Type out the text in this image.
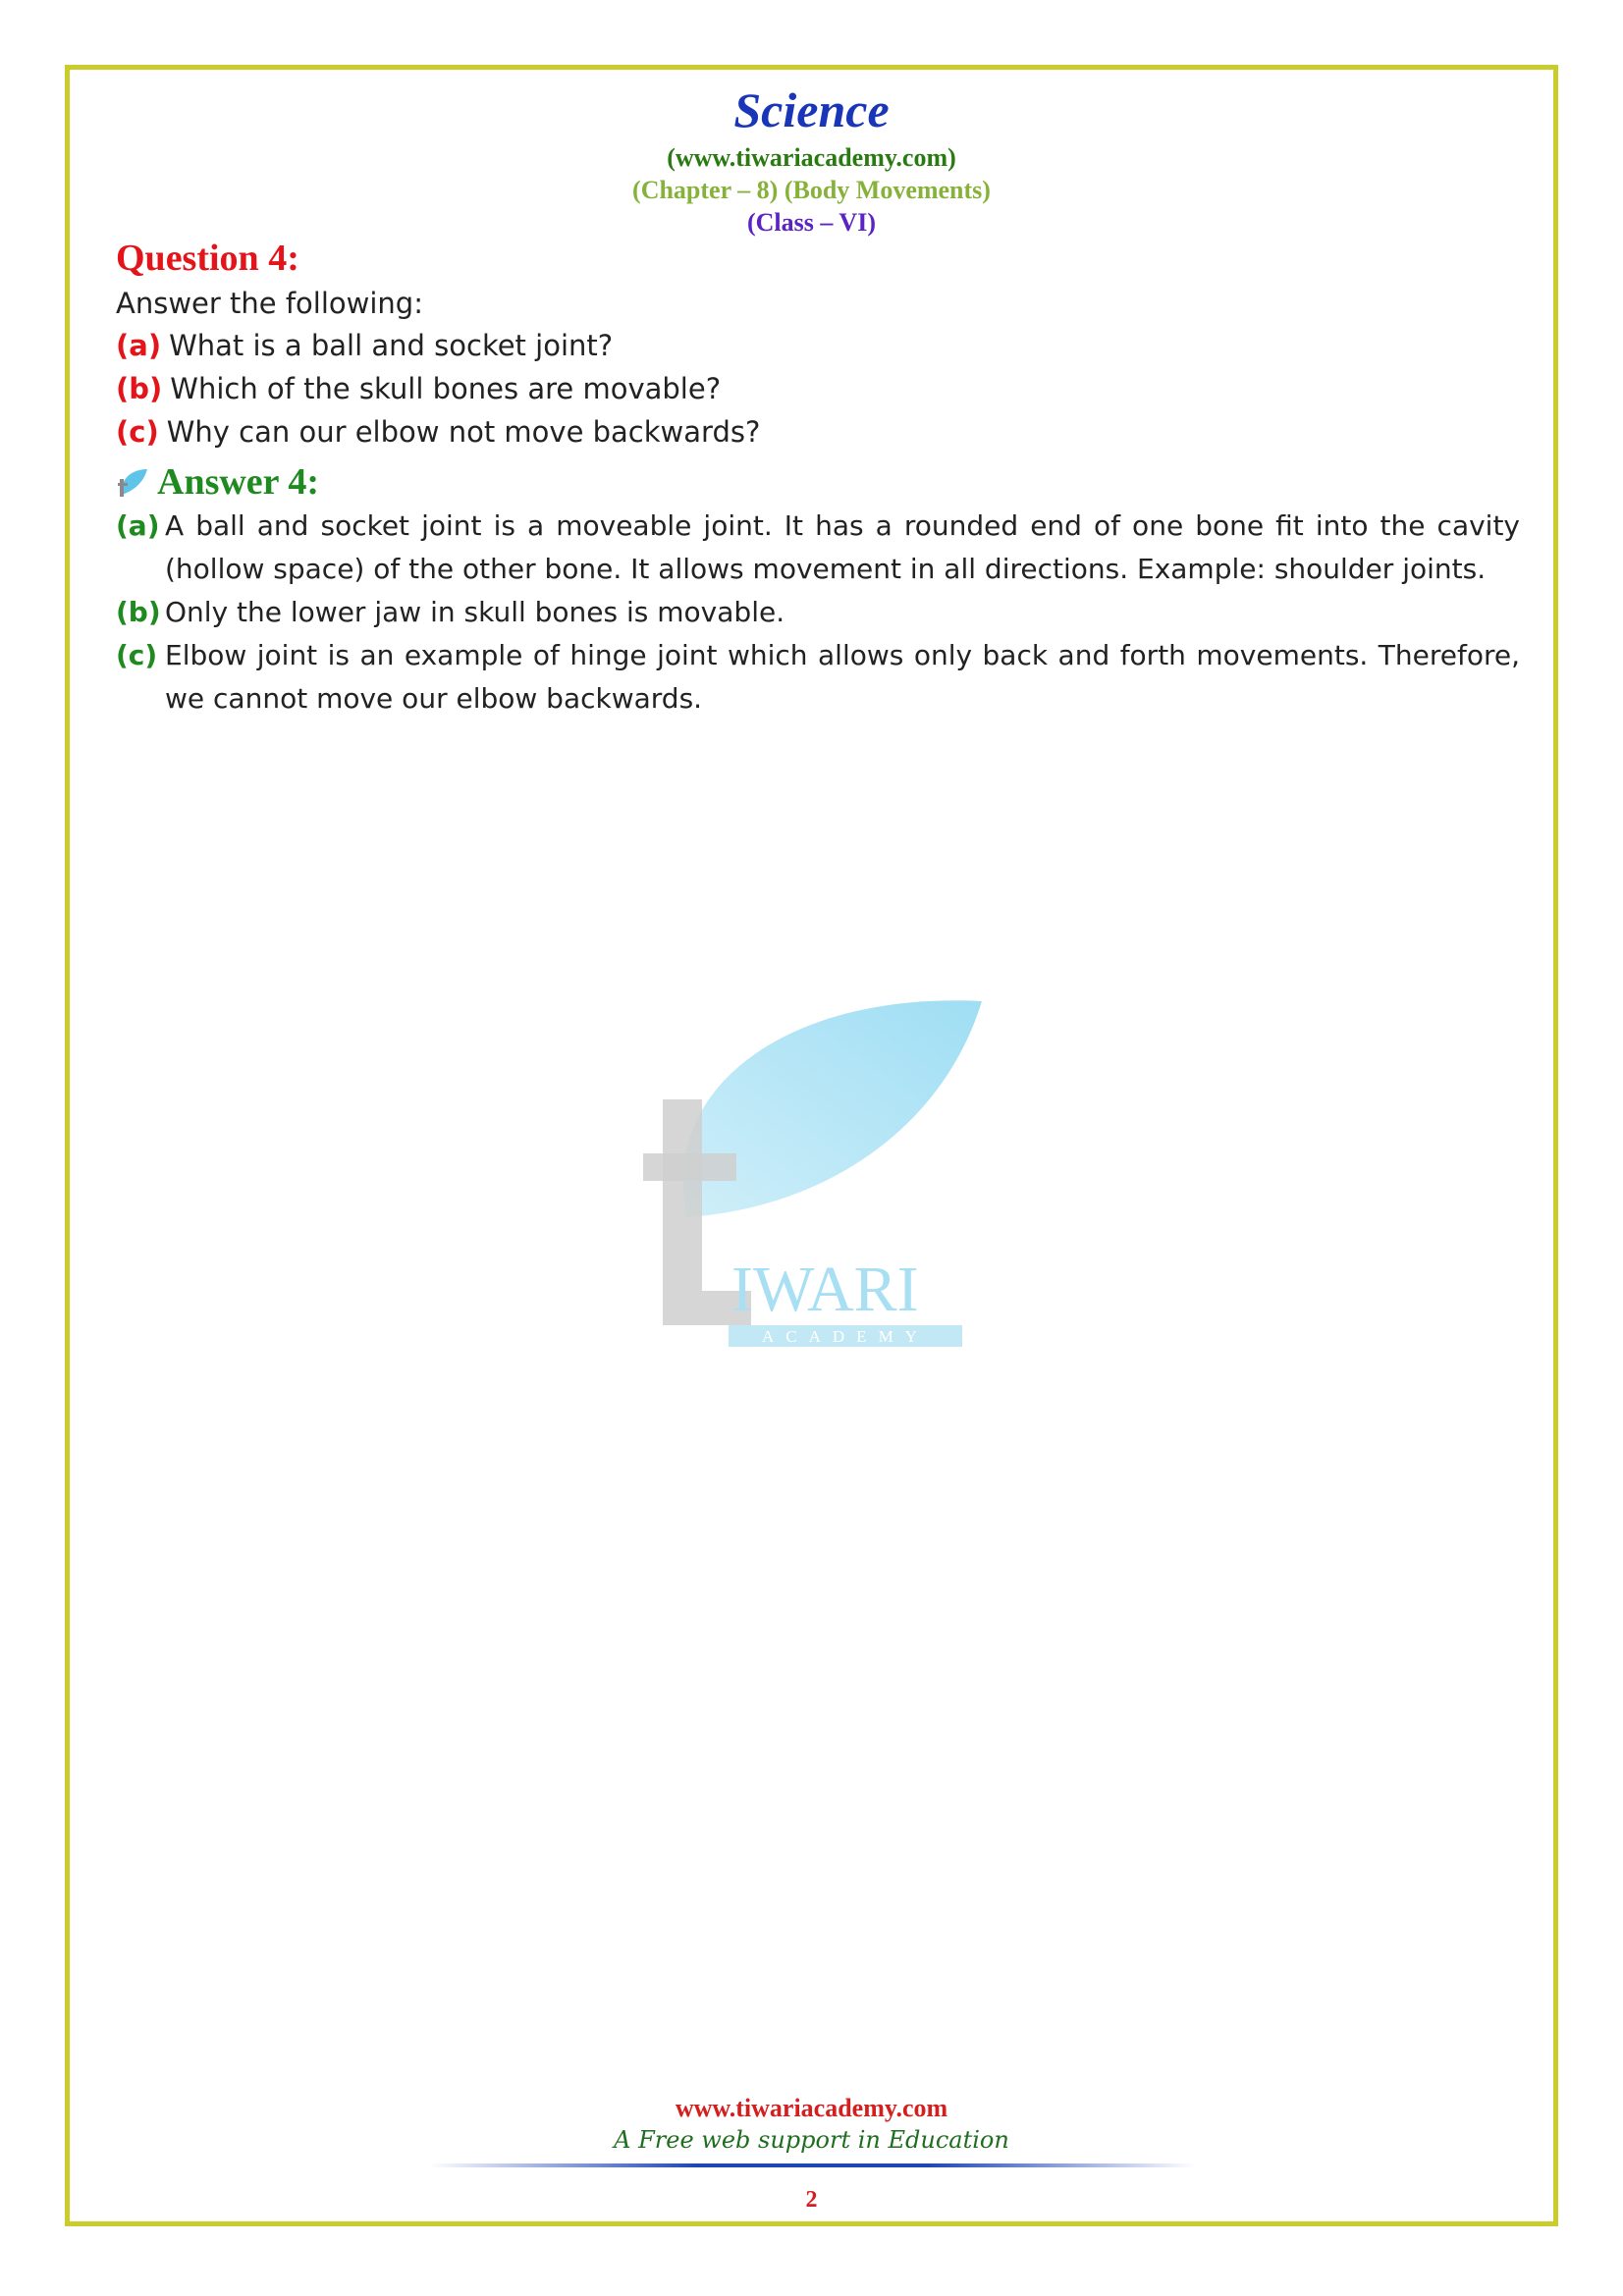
Science
(www.tiwariacademy.com)
(Chapter – 8) (Body Movements)
(Class – VI)
Question 4:
Answer the following:
(a) What is a ball and socket joint?
(b) Which of the skull bones are movable?
(c) Why can our elbow not move backwards?
Answer 4:
(a) A ball and socket joint is a moveable joint. It has a rounded end of one bone fit into the cavity (hollow space) of the other bone. It allows movement in all directions. Example: shoulder joints.
(b) Only the lower jaw in skull bones is movable.
(c) Elbow joint is an example of hinge joint which allows only back and forth movements. Therefore, we cannot move our elbow backwards.
IWARI
ACADEMY
www.tiwariacademy.com
A Free web support in Education
2
